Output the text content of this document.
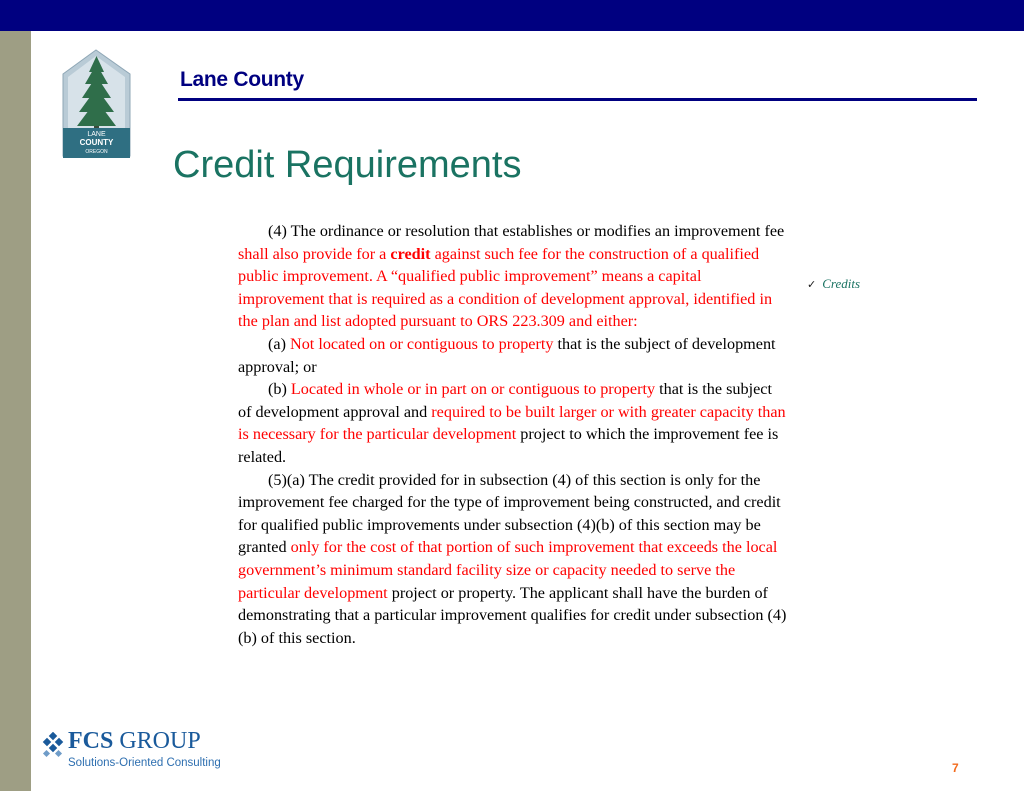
LANE
COUNTY
OREGON
Lane County
Credit Requirements

(4) The ordinance or resolution that establishes or modifies an improvement fee shall also provide for a credit against such fee for the construction of a qualified public improvement. A “qualified public improvement” means a capital improvement that is required as a condition of development approval, identified in the plan and list adopted pursuant to ORS 223.309 and either:

(a) Not located on or contiguous to property that is the subject of development approval; or

(b) Located in whole or in part on or contiguous to property that is the subject of development approval and required to be built larger or with greater capacity than is necessary for the particular development project to which the improvement fee is related.

(5)(a) The credit provided for in subsection (4) of this section is only for the improvement fee charged for the type of improvement being constructed, and credit for qualified public improvements under subsection (4)(b) of this section may be granted only for the cost of that portion of such improvement that exceeds the local government’s minimum standard facility size or capacity needed to serve the particular development project or property. The applicant shall have the burden of demonstrating that a particular improvement qualifies for credit under subsection (4)(b) of this section.

✓ Credits
FCS GROUP
Solutions-Oriented Consulting	7
